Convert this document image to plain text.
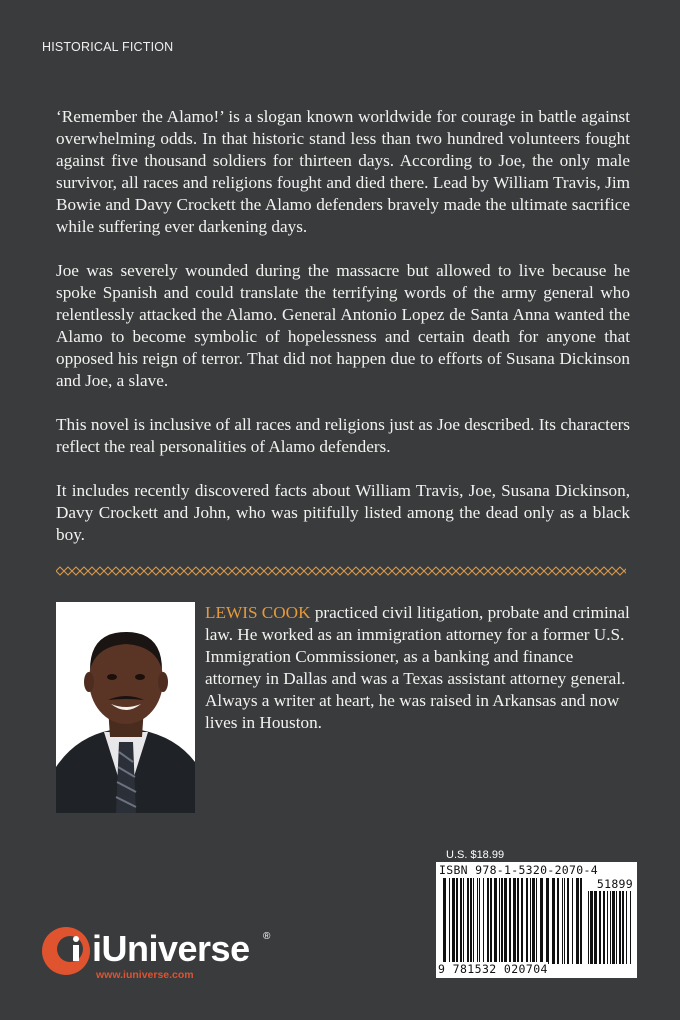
HISTORICAL FICTION

‘Remember the Alamo!’ is a slogan known worldwide for courage in battle against overwhelming odds. In that historic stand less than two hundred volunteers fought against five thousand soldiers for thirteen days. According to Joe, the only male survivor, all races and religions fought and died there. Lead by William Travis, Jim Bowie and Davy Crockett the Alamo defenders bravely made the ultimate sacrifice while suffering ever darkening days.

Joe was severely wounded during the massacre but allowed to live because he spoke Spanish and could translate the terrifying words of the army general who relentlessly attacked the Alamo. General Antonio Lopez de Santa Anna wanted the Alamo to become symbolic of hopelessness and certain death for anyone that opposed his reign of terror. That did not happen due to efforts of Susana Dickinson and Joe, a slave.

This novel is inclusive of all races and religions just as Joe described. Its characters reflect the real personalities of Alamo defenders.

It includes recently discovered facts about William Travis, Joe, Susana Dickinson, Davy Crockett and John, who was pitifully listed among the dead only as a black boy.

LEWIS COOK practiced civil litigation, probate and criminal law. He worked as an immigration attorney for a former U.S. Immigration Commissioner, as a banking and finance attorney in Dallas and was a Texas assistant attorney general. Always a writer at heart, he was raised in Arkansas and now lives in Houston.
U.S. $18.99
ISBN 978-1-5320-2070-4
51899
9 781532 020704
iUniverse ®
www.iuniverse.com
